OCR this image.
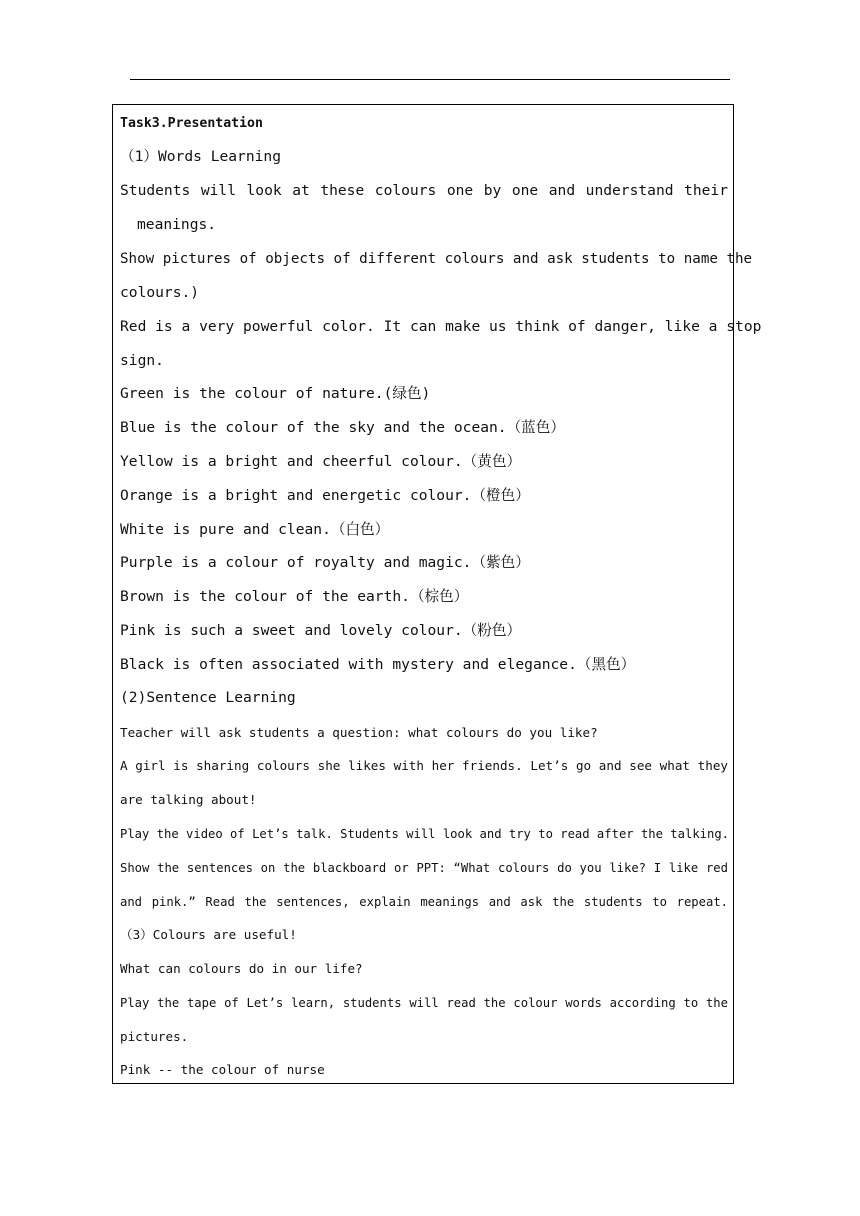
Task3.Presentation
（1）Words Learning
Students will look at these colours one by one and understand their
meanings.
Show pictures of objects of different colours and ask students to name the
colours.)
Red is a very powerful color. It can make us think of danger, like a stop
sign.
Green is the colour of nature.(绿色)
Blue is the colour of the sky and the ocean.（蓝色）
Yellow is a bright and cheerful colour.（黄色）
Orange is a bright and energetic colour.（橙色）
White is pure and clean.（白色）
Purple is a colour of royalty and magic.（紫色）
Brown is the colour of the earth.（棕色）
Pink is such a sweet and lovely colour.（粉色）
Black is often associated with mystery and elegance.（黑色）
(2)Sentence Learning
Teacher will ask students a question: what colours do you like?
A girl is sharing colours she likes with her friends. Let’s go and see what they
are talking about!
Play the video of Let’s talk. Students will look and try to read after the talking.
Show the sentences on the blackboard or PPT: “What colours do you like? I like red
and pink.” Read the sentences, explain meanings and ask the students to repeat.
（3）Colours are useful!
What can colours do in our life?
Play the tape of Let’s learn, students will read the colour words according to the
pictures.
Pink -- the colour of nurse
